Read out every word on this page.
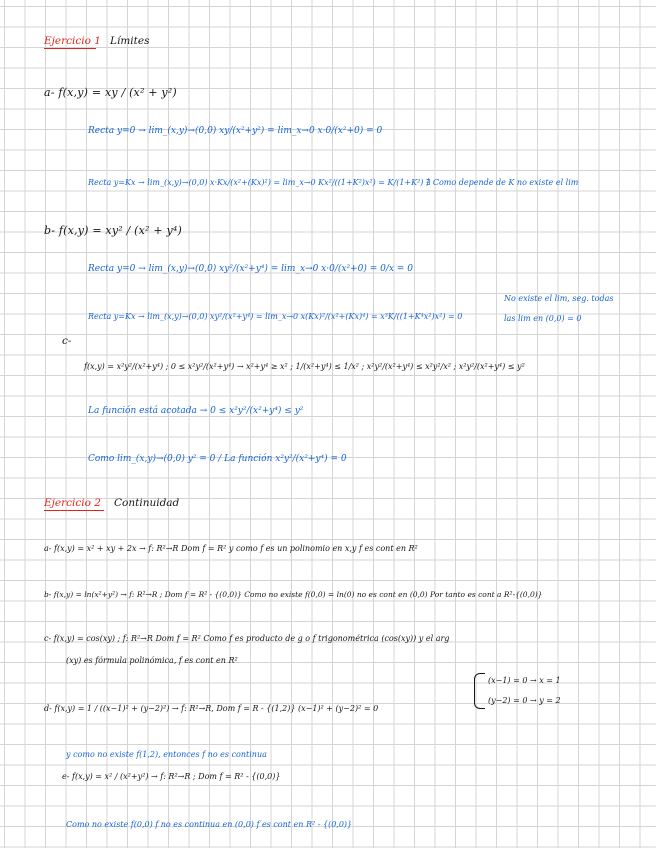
Ejercicio 1 Límites
a- f(x,y) = xy / (x² + y²)
Recta y=0 → lim_(x,y)→(0,0) xy/(x²+y²) = lim_x→0 x·0/(x²+0) = 0
Recta y=Kx → lim_(x,y)→(0,0) x·Kx/(x²+(Kx)²) = lim_x→0 Kx²/((1+K²)x²) = K/(1+K²) ∄ Como depende de K no existe el lim
b- f(x,y) = xy² / (x² + y⁴)
Recta y=0 → lim_(x,y)→(0,0) xy²/(x²+y⁴) = lim_x→0 x·0/(x²+0) = 0/x = 0
No existe el lim, seg. todas
Recta y=Kx → lim_(x,y)→(0,0) xy²/(x²+y⁴) = lim_x→0 x(Kx)²/(x²+(Kx)⁴) = x³K/((1+K⁴x²)x²) = 0	las lim en (0,0) = 0
c-
f(x,y) = x²y²/(x²+y⁴) ; 0 ≤ x²y²/(x²+y⁴) → x²+y⁴ ≥ x² ; 1/(x²+y⁴) ≤ 1/x² ; x²y²/(x²+y⁴) ≤ x²y²/x² ; x²y²/(x²+y⁴) ≤ y²
La función está acotada → 0 ≤ x²y²/(x²+y⁴) ≤ y²
Como lim_(x,y)→(0,0) y² = 0 / La función x²y²/(x²+y⁴) = 0
Ejercicio 2 Continuidad
a- f(x,y) = x² + xy + 2x → f: R²→R Dom f = R² y como f es un polinomio en x,y f es cont en R²
b- f(x,y) = ln(x²+y²) → f: R²→R ; Dom f = R² - {(0,0)} Como no existe f(0,0) = ln(0) no es cont en (0,0) Por tanto es cont a R²-{(0,0)}
c- f(x,y) = cos(xy) ; f: R²→R Dom f = R² Como f es producto de g o f trigonométrica (cos(xy)) y el arg
(xy) es fórmula polinómica, f es cont en R²
d- f(x,y) = 1 / ((x−1)² + (y−2)²) → f: R²→R, Dom f = R - {(1,2)} (x−1)² + (y−2)² = 0
(x−1) = 0 → x = 1
(y−2) = 0 → y = 2
y como no existe f(1,2), entonces f no es continua
e- f(x,y) = x² / (x²+y²) → f: R²→R ; Dom f = R² - {(0,0)}
Como no existe f(0,0) f no es continua en (0,0) f es cont en R² - {(0,0)}
